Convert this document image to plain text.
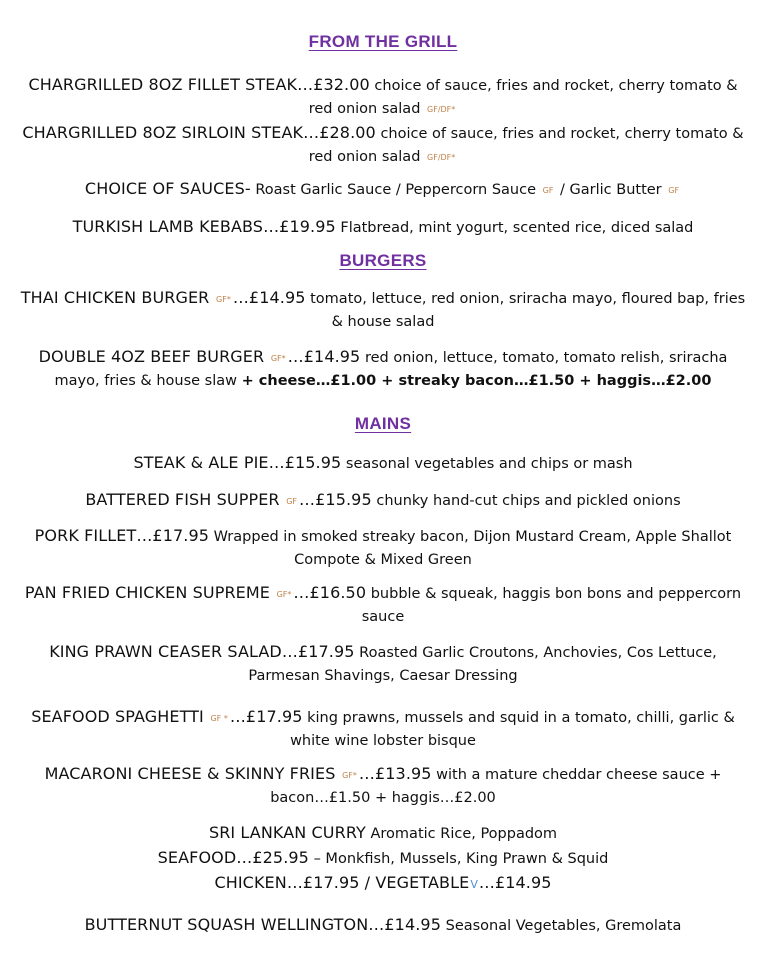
FROM THE GRILL
CHARGRILLED 8OZ FILLET STEAK…£32.00 choice of sauce, fries and rocket, cherry tomato & red onion salad GF/DF*
CHARGRILLED 8OZ SIRLOIN STEAK…£28.00 choice of sauce, fries and rocket, cherry tomato & red onion salad GF/DF*
CHOICE OF SAUCES- Roast Garlic Sauce / Peppercorn Sauce GF / Garlic Butter GF
TURKISH LAMB KEBABS…£19.95 Flatbread, mint yogurt, scented rice, diced salad
BURGERS
THAI CHICKEN BURGER GF* …£14.95 tomato, lettuce, red onion, sriracha mayo, floured bap, fries & house salad
DOUBLE 4OZ BEEF BURGER GF* …£14.95 red onion, lettuce, tomato, tomato relish, sriracha mayo, fries & house slaw + cheese…£1.00 + streaky bacon…£1.50 + haggis…£2.00
MAINS
STEAK & ALE PIE…£15.95 seasonal vegetables and chips or mash
BATTERED FISH SUPPER GF …£15.95 chunky hand-cut chips and pickled onions
PORK FILLET…£17.95 Wrapped in smoked streaky bacon, Dijon Mustard Cream, Apple Shallot Compote & Mixed Green
PAN FRIED CHICKEN SUPREME GF* …£16.50 bubble & squeak, haggis bon bons and peppercorn sauce
KING PRAWN CEASER SALAD…£17.95 Roasted Garlic Croutons, Anchovies, Cos Lettuce, Parmesan Shavings, Caesar Dressing
SEAFOOD SPAGHETTI GF * …£17.95 king prawns, mussels and squid in a tomato, chilli, garlic & white wine lobster bisque
MACARONI CHEESE & SKINNY FRIES GF* …£13.95 with a mature cheddar cheese sauce + bacon…£1.50 + haggis…£2.00
SRI LANKAN CURRY Aromatic Rice, Poppadom
SEAFOOD…£25.95 – Monkfish, Mussels, King Prawn & Squid
CHICKEN…£17.95 / VEGETABLEV…£14.95
BUTTERNUT SQUASH WELLINGTON…£14.95 Seasonal Vegetables, Gremolata
